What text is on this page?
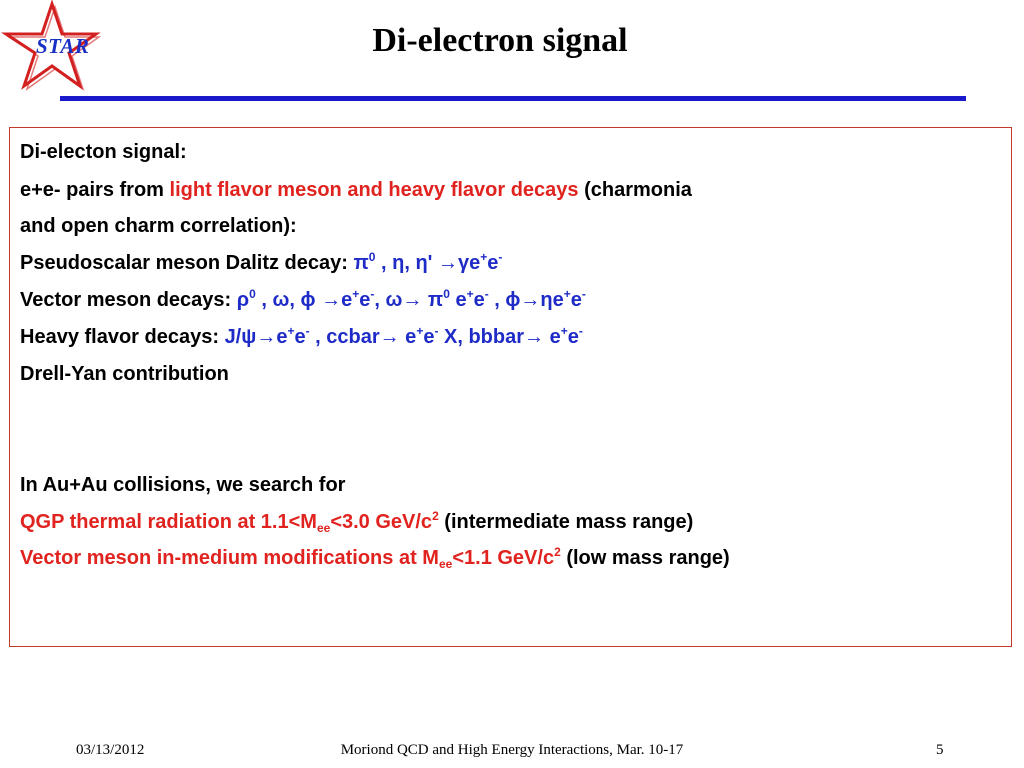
STAR	Di-electron signal
Di-electon signal:
e+e- pairs from light flavor meson and heavy flavor decays (charmonia
and open charm correlation):
Pseudoscalar meson Dalitz decay: $\pi^0$ , η, η' →γe+e-
Vector meson decays: $\rho^0$ , ω, ϕ →e+e-, $\omega\to \pi^0$ e+e- , ϕ→ηe+e-
Heavy flavor decays: J/ψ→e+e- , ccbar→ e+e- X, bbbar→ e+e-
Drell-Yan contribution
In Au+Au collisions, we search for
QGP thermal radiation at $1.1<M_{ee}<3.0$ GeV/$c^2$ (intermediate mass range)
Vector meson in-medium modifications at $M_{ee}<1.1$ GeV/$c^2$ (low mass range)
03/13/2012	Moriond QCD and High Energy Interactions, Mar. 10-17	5
